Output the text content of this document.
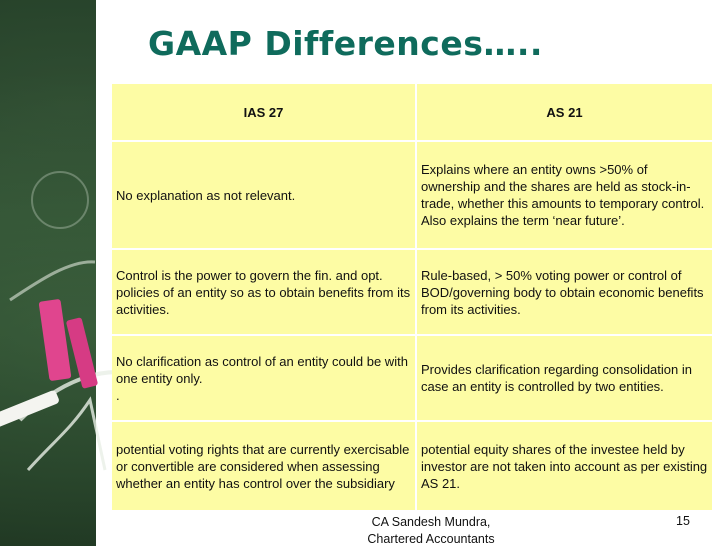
GAAP Differences…..
IAS 27	AS 21
No explanation as not relevant.
Explains where an entity owns >50% of ownership and the shares are held as stock-in-trade, whether this amounts to temporary control. Also explains the term ‘near future’.
Control is the power to govern the fin. and opt. policies of an entity so as to obtain benefits from its activities.
Rule-based, > 50% voting power or control of BOD/governing body to obtain economic benefits from its activities.
No clarification as control of an entity could be with one entity only.
.
Provides clarification regarding consolidation in case an entity is controlled by two entities.
potential voting rights that are currently exercisable or convertible are considered when assessing whether an entity has control over the subsidiary
potential equity shares of the investee held by investor are not taken into account as per existing AS 21.
CA Sandesh Mundra,
Chartered Accountants
15
